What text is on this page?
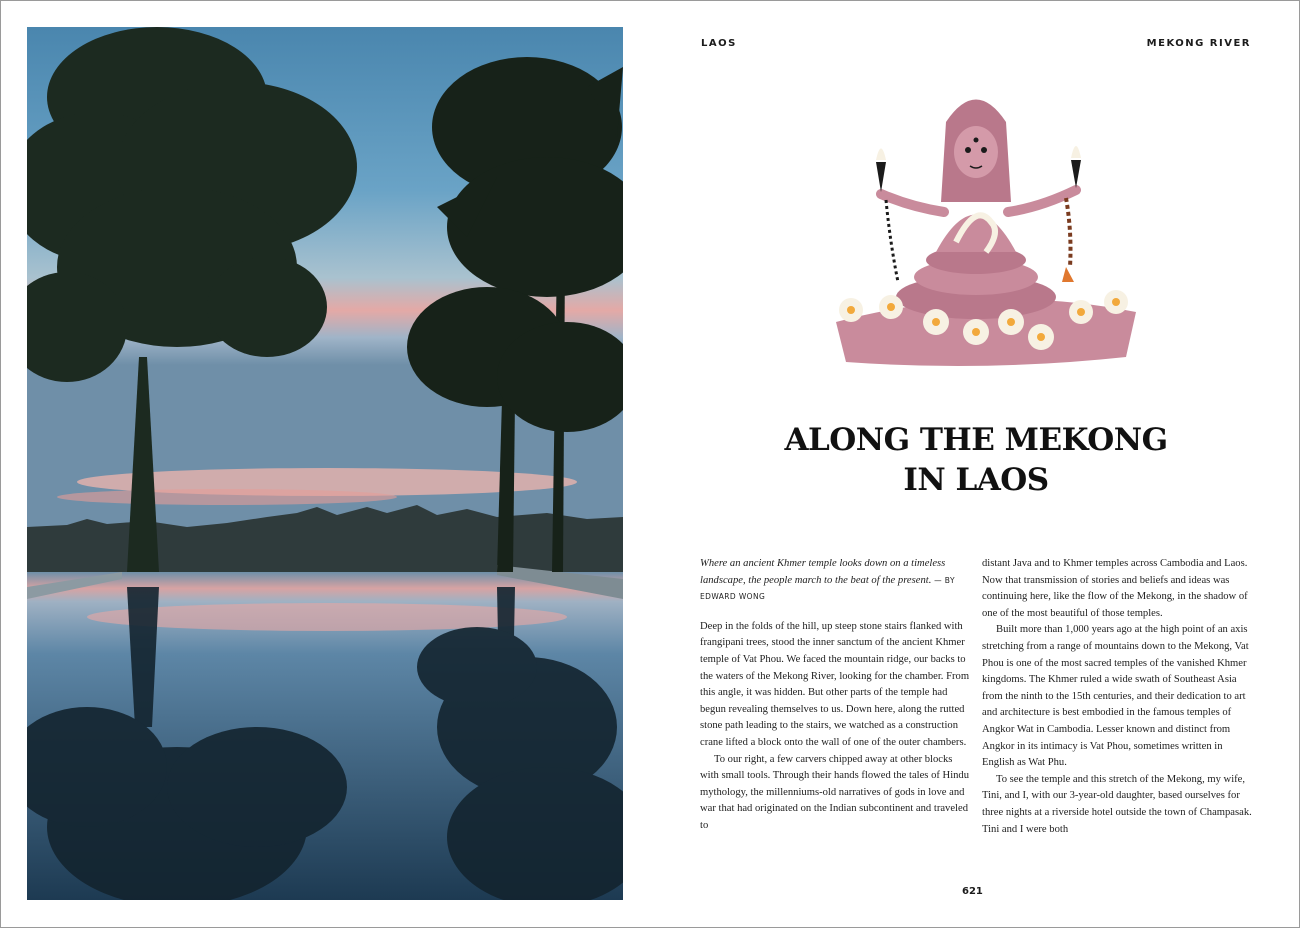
LAOS	MEKONG RIVER
ALONG THE MEKONG
IN LAOS

Where an ancient Khmer temple looks down on a timeless landscape, the people march to the beat of the present. — BY EDWARD WONG

Deep in the folds of the hill, up steep stone stairs flanked with frangipani trees, stood the inner sanctum of the ancient Khmer temple of Vat Phou. We faced the mountain ridge, our backs to the waters of the Mekong River, looking for the chamber. From this angle, it was hidden. But other parts of the temple had begun revealing themselves to us. Down here, along the rutted stone path leading to the stairs, we watched as a construction crane lifted a block onto the wall of one of the outer chambers.

To our right, a few carvers chipped away at other blocks with small tools. Through their hands flowed the tales of Hindu mythology, the millenniums-old narratives of gods in love and war that had originated on the Indian subcontinent and traveled to

distant Java and to Khmer temples across Cambodia and Laos. Now that transmission of stories and beliefs and ideas was continuing here, like the flow of the Mekong, in the shadow of one of the most beautiful of those temples.

Built more than 1,000 years ago at the high point of an axis stretching from a range of mountains down to the Mekong, Vat Phou is one of the most sacred temples of the vanished Khmer kingdoms. The Khmer ruled a wide swath of Southeast Asia from the ninth to the 15th centuries, and their dedication to art and architecture is best embodied in the famous temples of Angkor Wat in Cambodia. Lesser known and distinct from Angkor in its intimacy is Vat Phou, sometimes written in English as Wat Phu.

To see the temple and this stretch of the Mekong, my wife, Tini, and I, with our 3-year-old daughter, based ourselves for three nights at a riverside hotel outside the town of Champasak. Tini and I were both

621
